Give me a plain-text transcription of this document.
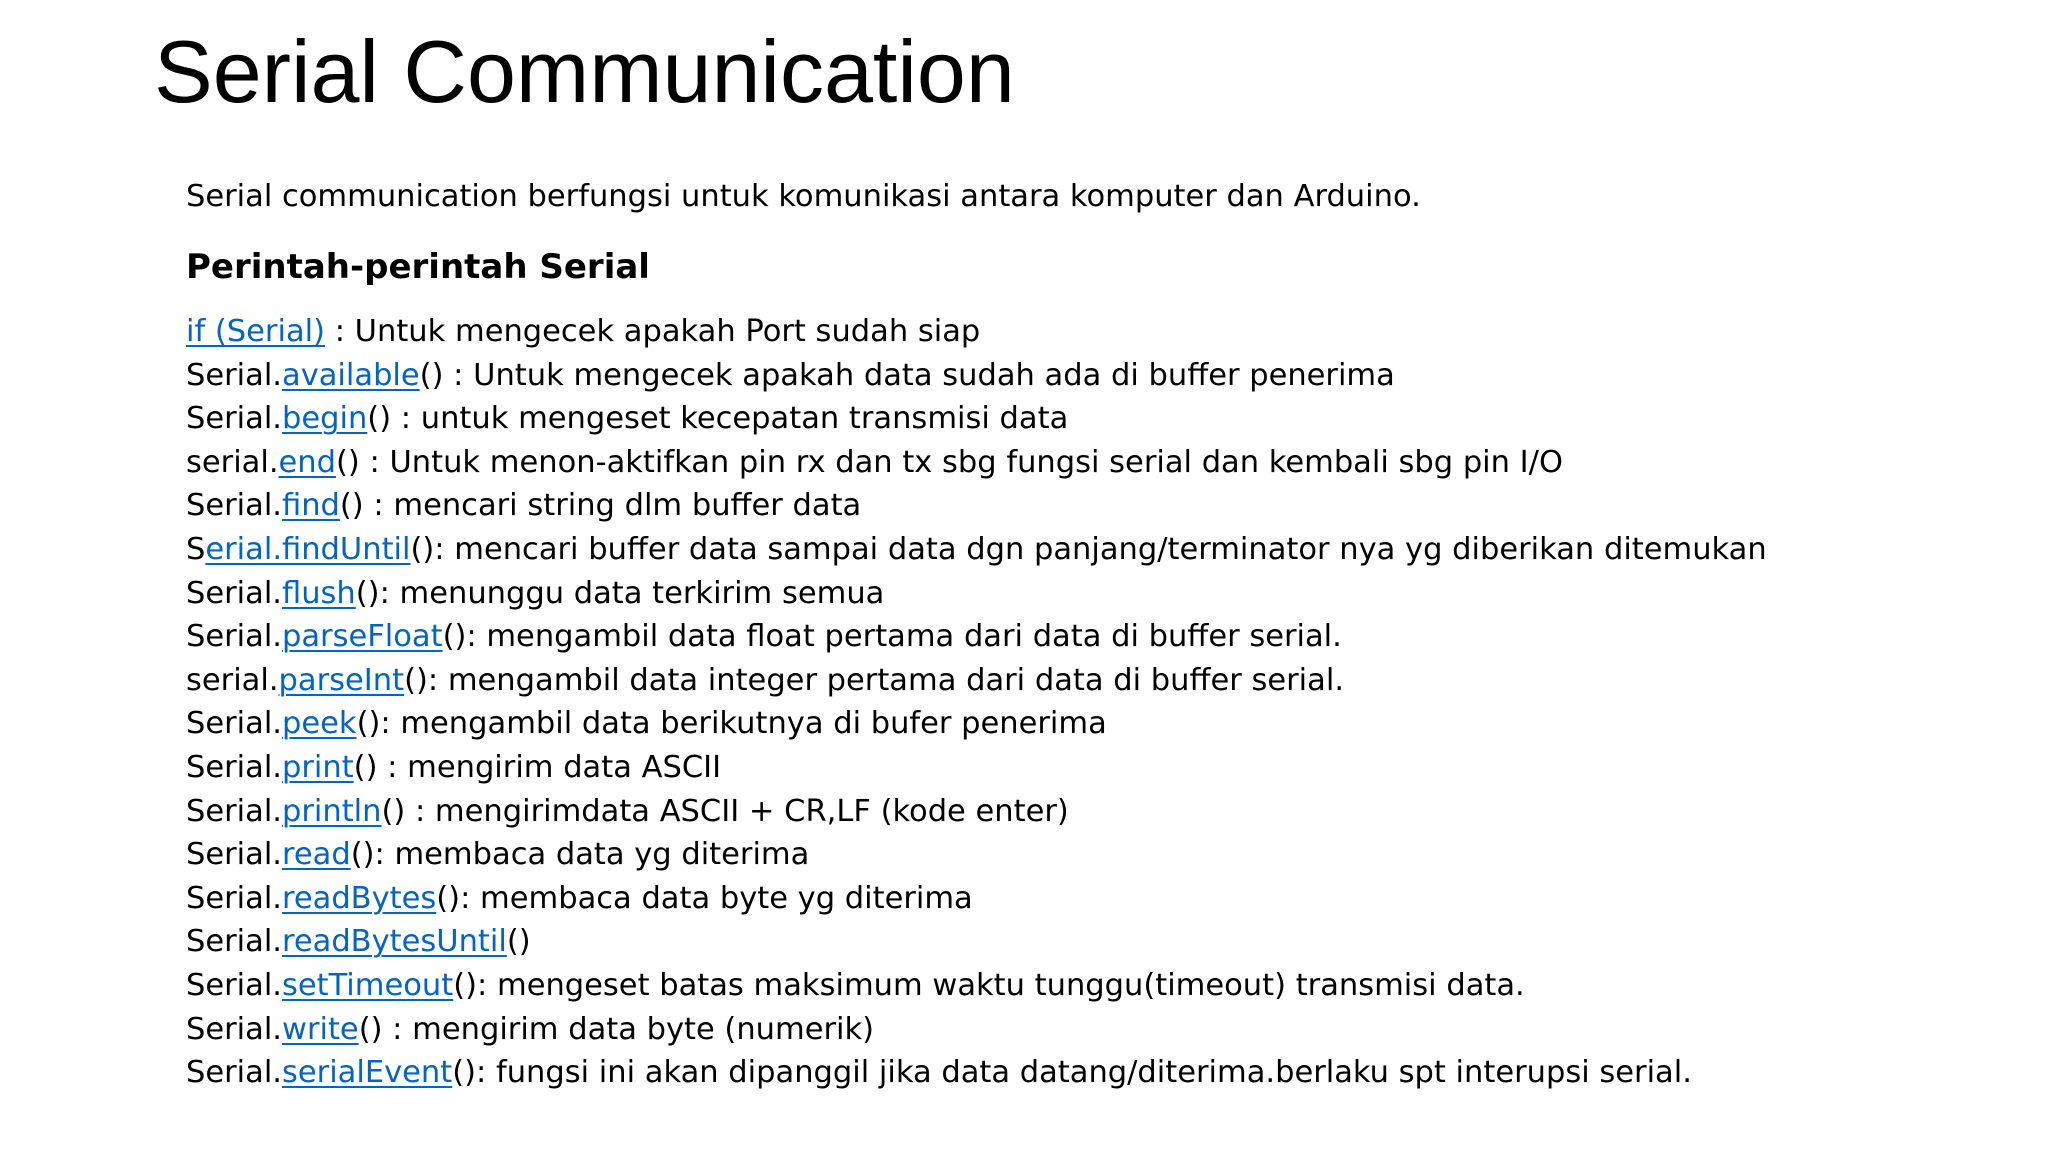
Serial Communication

Serial communication berfungsi untuk komunikasi antara komputer dan Arduino.

Perintah-perintah Serial
if (Serial) : Untuk mengecek apakah Port sudah siap
Serial.available() : Untuk mengecek apakah data sudah ada di buffer penerima
Serial.begin() : untuk mengeset kecepatan transmisi data
serial.end() : Untuk menon-aktifkan pin rx dan tx sbg fungsi serial dan kembali sbg pin I/O
Serial.find() : mencari string dlm buffer data
Serial.findUntil(): mencari buffer data sampai data dgn panjang/terminator nya yg diberikan ditemukan
Serial.flush(): menunggu data terkirim semua
Serial.parseFloat(): mengambil data float pertama dari data di buffer serial.
serial.parseInt(): mengambil data integer pertama dari data di buffer serial.
Serial.peek(): mengambil data berikutnya di bufer penerima
Serial.print() : mengirim data ASCII
Serial.println() : mengirimdata ASCII + CR,LF (kode enter)
Serial.read(): membaca data yg diterima
Serial.readBytes(): membaca data byte yg diterima
Serial.readBytesUntil()
Serial.setTimeout(): mengeset batas maksimum waktu tunggu(timeout) transmisi data.
Serial.write() : mengirim data byte (numerik)
Serial.serialEvent(): fungsi ini akan dipanggil jika data datang/diterima.berlaku spt interupsi serial.
